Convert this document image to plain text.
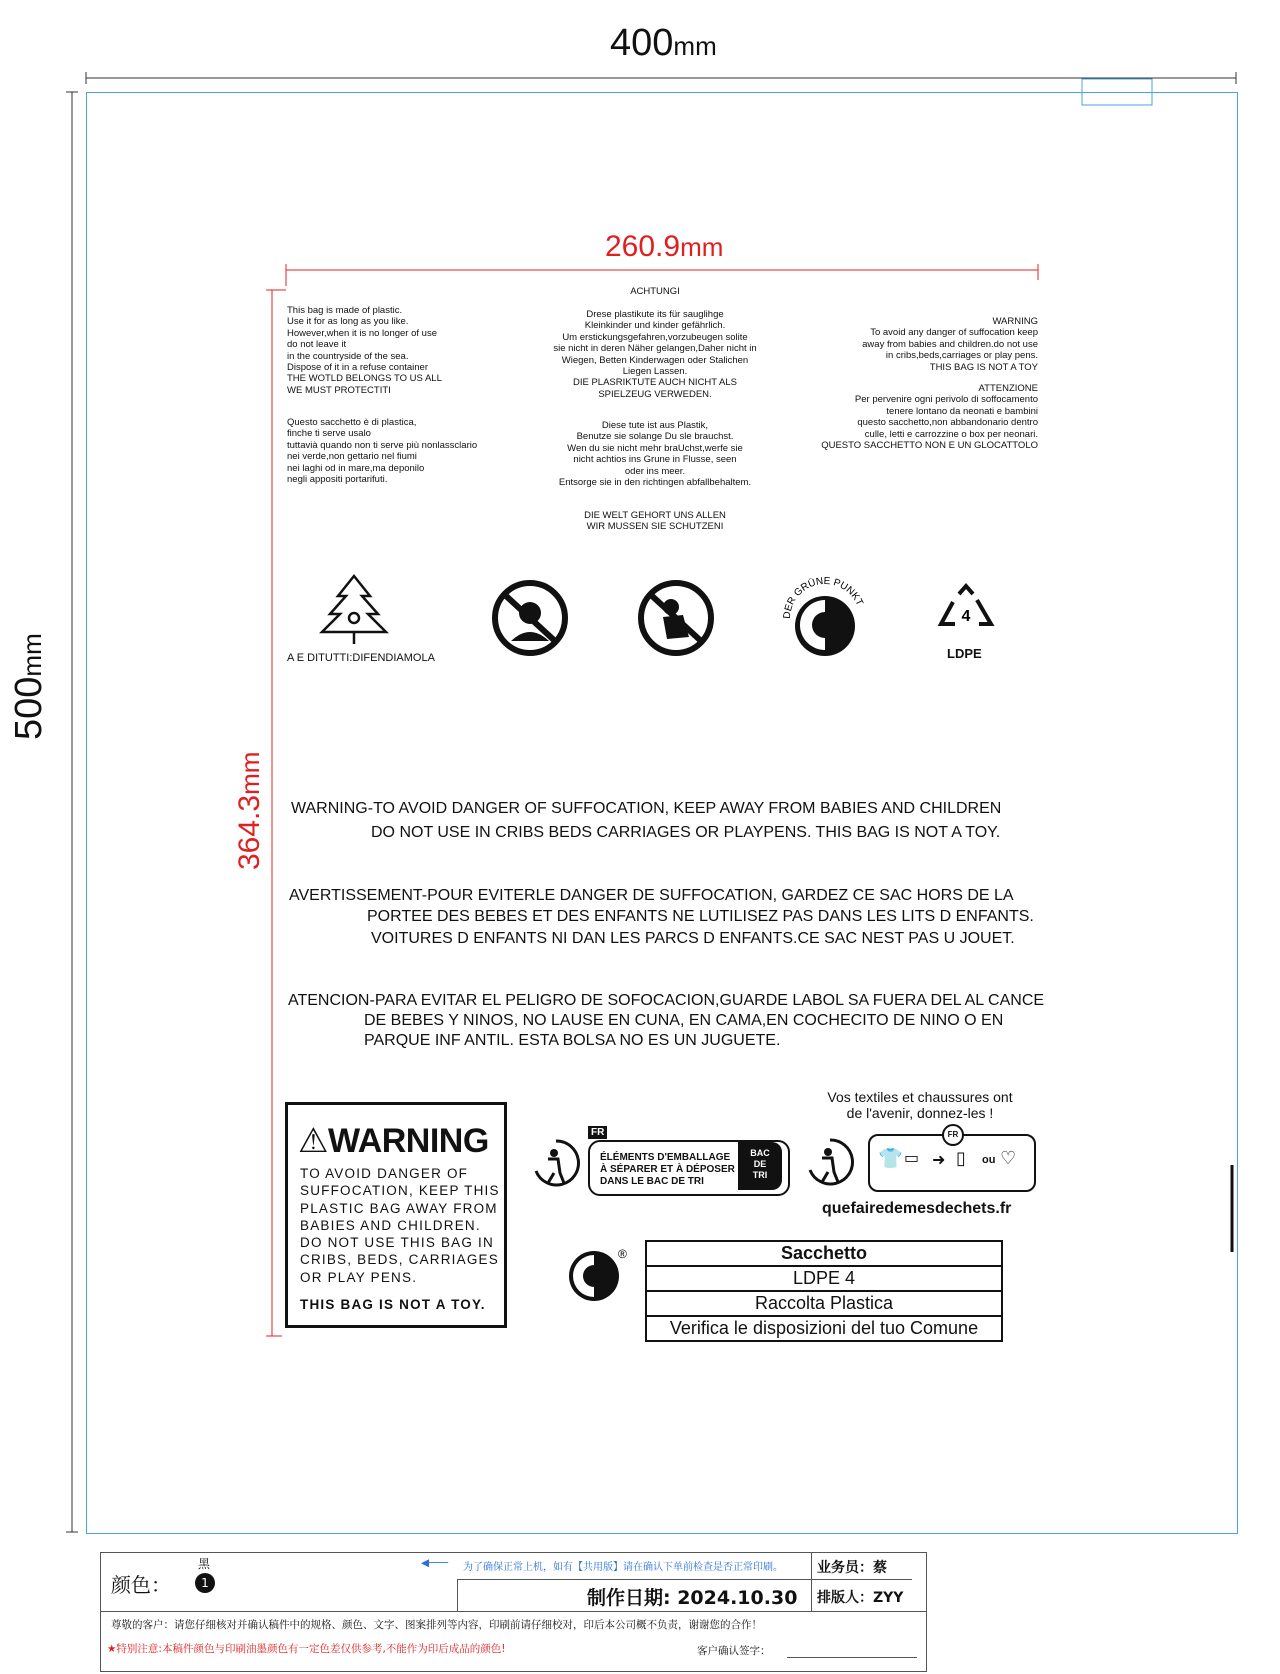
400mm
500mm
260.9mm
364.3mm
This bag is made of plastic.
Use it for as long as you like.
However,when it is no longer of use
do not leave it
in the countryside of the sea.
Dispose of it in a refuse container
THE WOTLD BELONGS TO US ALL
WE MUST PROTECTITI
Questo sacchetto è di plastica,
finche ti serve usalo
tuttavià quando non ti serve più nonlassclario
nei verde,non gettario nel fiumi
nei laghi od in mare,ma deponilo
negli appositi portarifuti.
ACHTUNGI
Drese plastikute its für sauglihge
Kleinkinder und kinder gefährlich.
Um erstickungsgefahren,vorzubeugen solite
sie nicht in deren Näher gelangen,Daher nicht in
Wiegen, Betten Kinderwagen oder Stalichen
Liegen Lassen.
DIE PLASRIKTUTE AUCH NICHT ALS
SPIELZEUG VERWEDEN.
Diese tute ist aus Plastik,
Benutze sie solange Du sle brauchst.
Wen du sie nicht mehr braUchst,werfe sie
nicht achtios ins Grune in Flusse, seen
oder ins meer.
Entsorge sie in den richtingen abfallbehaltem.
DIE WELT GEHORT UNS ALLEN
WIR MUSSEN SIE SCHUTZENI
WARNING
To avoid any danger of suffocation keep
away from babies and children.do not use
in cribs,beds,carriages or play pens.
THIS BAG IS NOT A TOY
ATTENZIONE
Per pervenire ogni perivolo di soffocamento
tenere lontano da neonati e bambini
questo sacchetto,non abbandonario dentro
culle, letti e carrozzine o box per neonari.
QUESTO SACCHETTO NON E UN GLOCATTOLO
A E DITUTTI:DIFENDIAMOLA
DER GRÜNE PUNKT
4
LDPE
WARNING-TO AVOID DANGER OF SUFFOCATION, KEEP AWAY FROM BABIES AND CHILDREN
DO NOT USE IN CRIBS BEDS CARRIAGES OR PLAYPENS. THIS BAG IS NOT A TOY.
AVERTISSEMENT-POUR EVITERLE DANGER DE SUFFOCATION, GARDEZ CE SAC HORS DE LA
PORTEE DES BEBES ET DES ENFANTS NE LUTILISEZ PAS DANS LES LITS D ENFANTS.
VOITURES D ENFANTS NI DAN LES PARCS D ENFANTS.CE SAC NEST PAS U JOUET.
ATENCION-PARA EVITAR EL PELIGRO DE SOFOCACION,GUARDE LABOL SA FUERA DEL AL CANCE
DE BEBES Y NINOS, NO LAUSE EN CUNA, EN CAMA,EN COCHECITO DE NINO O EN
PARQUE INF ANTIL. ESTA BOLSA NO ES UN JUGUETE.
⚠WARNING

TO AVOID DANGER OF
SUFFOCATION, KEEP THIS
PLASTIC BAG AWAY FROM
BABIES AND CHILDREN.
DO NOT USE THIS BAG IN
CRIBS, BEDS, CARRIAGES
OR PLAY PENS.

THIS BAG IS NOT A TOY.

FR
ÉLÉMENTS D'EMBALLAGE
À SÉPARER ET À DÉPOSER
DANS LE BAC DE TRI
BAC
DE
TRI
Vos textiles et chaussures ont
de l'avenir, donnez-les !
FR
👕 ▭ ➜ ▯ ou ♡
quefairedemesdechets.fr
®	Sacchetto
LDPE 4
Raccolta Plastica
Verifica le disposizioni del tuo Comune
颜色：
黑
1
◀─── 为了确保正常上机，如有【共用版】请在确认下单前检查是否正常印刷。
制作日期: 2024.10.30
业务员：蔡
排版人：ZYY
尊敬的客户：请您仔细核对并确认稿件中的规格、颜色、文字、图案排列等内容，印刷前请仔细校对，印后本公司概不负责，谢谢您的合作！
★特别注意:本稿件颜色与印刷油墨颜色有一定色差仅供参考,不能作为印后成品的颜色!	客户确认签字：
